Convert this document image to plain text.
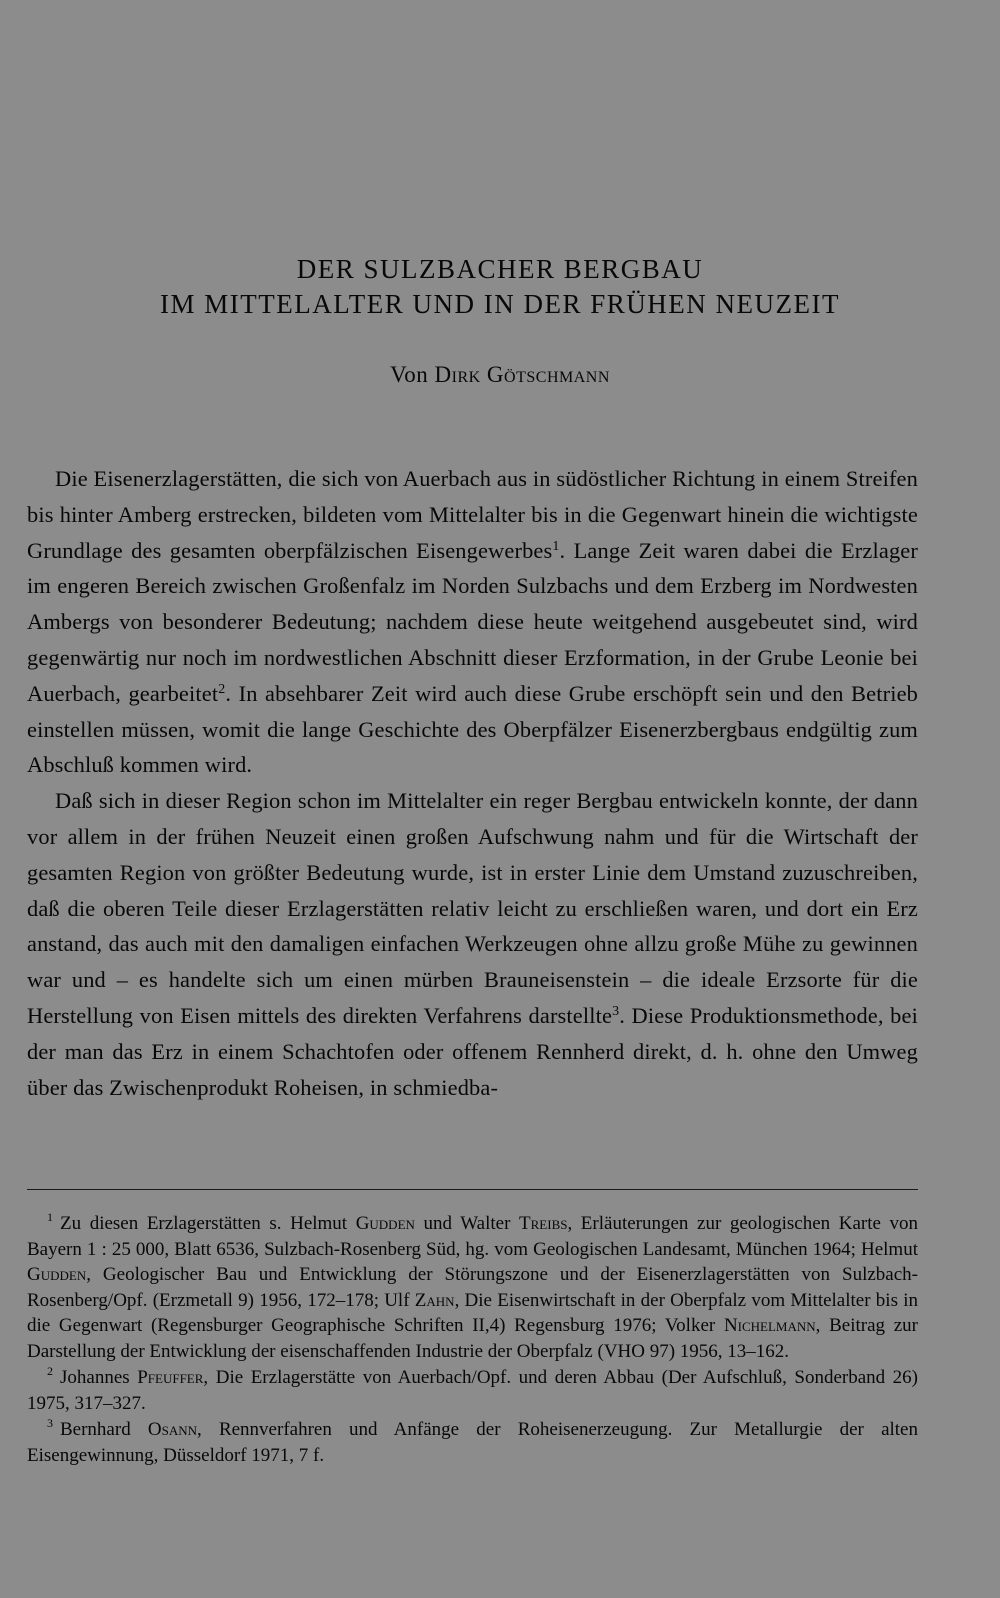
DER SULZBACHER BERGBAU
IM MITTELALTER UND IN DER FRÜHEN NEUZEIT
Von Dirk Götschmann

Die Eisenerzlagerstätten, die sich von Auerbach aus in südöstlicher Richtung in einem Streifen bis hinter Amberg erstrecken, bildeten vom Mittelalter bis in die Gegenwart hinein die wichtigste Grundlage des gesamten oberpfälzischen Eisengewerbes$^1$. Lange Zeit waren dabei die Erzlager im engeren Bereich zwischen Großenfalz im Norden Sulzbachs und dem Erzberg im Nordwesten Ambergs von besonderer Bedeutung; nachdem diese heute weitgehend ausgebeutet sind, wird gegenwärtig nur noch im nordwestlichen Abschnitt dieser Erzformation, in der Grube Leonie bei Auerbach, gearbeitet$^2$. In absehbarer Zeit wird auch diese Grube erschöpft sein und den Betrieb einstellen müssen, womit die lange Geschichte des Oberpfälzer Eisenerzbergbaus endgültig zum Abschluß kommen wird.

Daß sich in dieser Region schon im Mittelalter ein reger Bergbau entwickeln konnte, der dann vor allem in der frühen Neuzeit einen großen Aufschwung nahm und für die Wirtschaft der gesamten Region von größter Bedeutung wurde, ist in erster Linie dem Umstand zuzuschreiben, daß die oberen Teile dieser Erzlagerstätten relativ leicht zu erschließen waren, und dort ein Erz anstand, das auch mit den damaligen einfachen Werkzeugen ohne allzu große Mühe zu gewinnen war und – es handelte sich um einen mürben Brauneisenstein – die ideale Erzsorte für die Herstellung von Eisen mittels des direkten Verfahrens darstellte$^3$. Diese Produktionsmethode, bei der man das Erz in einem Schachtofen oder offenem Rennherd direkt, d. h. ohne den Umweg über das Zwischenprodukt Roheisen, in schmiedba-

1 Zu diesen Erzlagerstätten s. Helmut Gudden und Walter Treibs, Erläuterungen zur geologischen Karte von Bayern 1 : 25 000, Blatt 6536, Sulzbach-Rosenberg Süd, hg. vom Geologischen Landesamt, München 1964; Helmut Gudden, Geologischer Bau und Entwicklung der Störungszone und der Eisenerzlagerstätten von Sulzbach-Rosenberg/Opf. (Erzmetall 9) 1956, 172–178; Ulf Zahn, Die Eisenwirtschaft in der Oberpfalz vom Mittelalter bis in die Gegenwart (Regensburger Geographische Schriften II,4) Regensburg 1976; Volker Nichelmann, Beitrag zur Darstellung der Entwicklung der eisenschaffenden Industrie der Oberpfalz (VHO 97) 1956, 13–162.

2 Johannes Pfeuffer, Die Erzlagerstätte von Auerbach/Opf. und deren Abbau (Der Aufschluß, Sonderband 26) 1975, 317–327.

3 Bernhard Osann, Rennverfahren und Anfänge der Roheisenerzeugung. Zur Metallurgie der alten Eisengewinnung, Düsseldorf 1971, 7 f.
